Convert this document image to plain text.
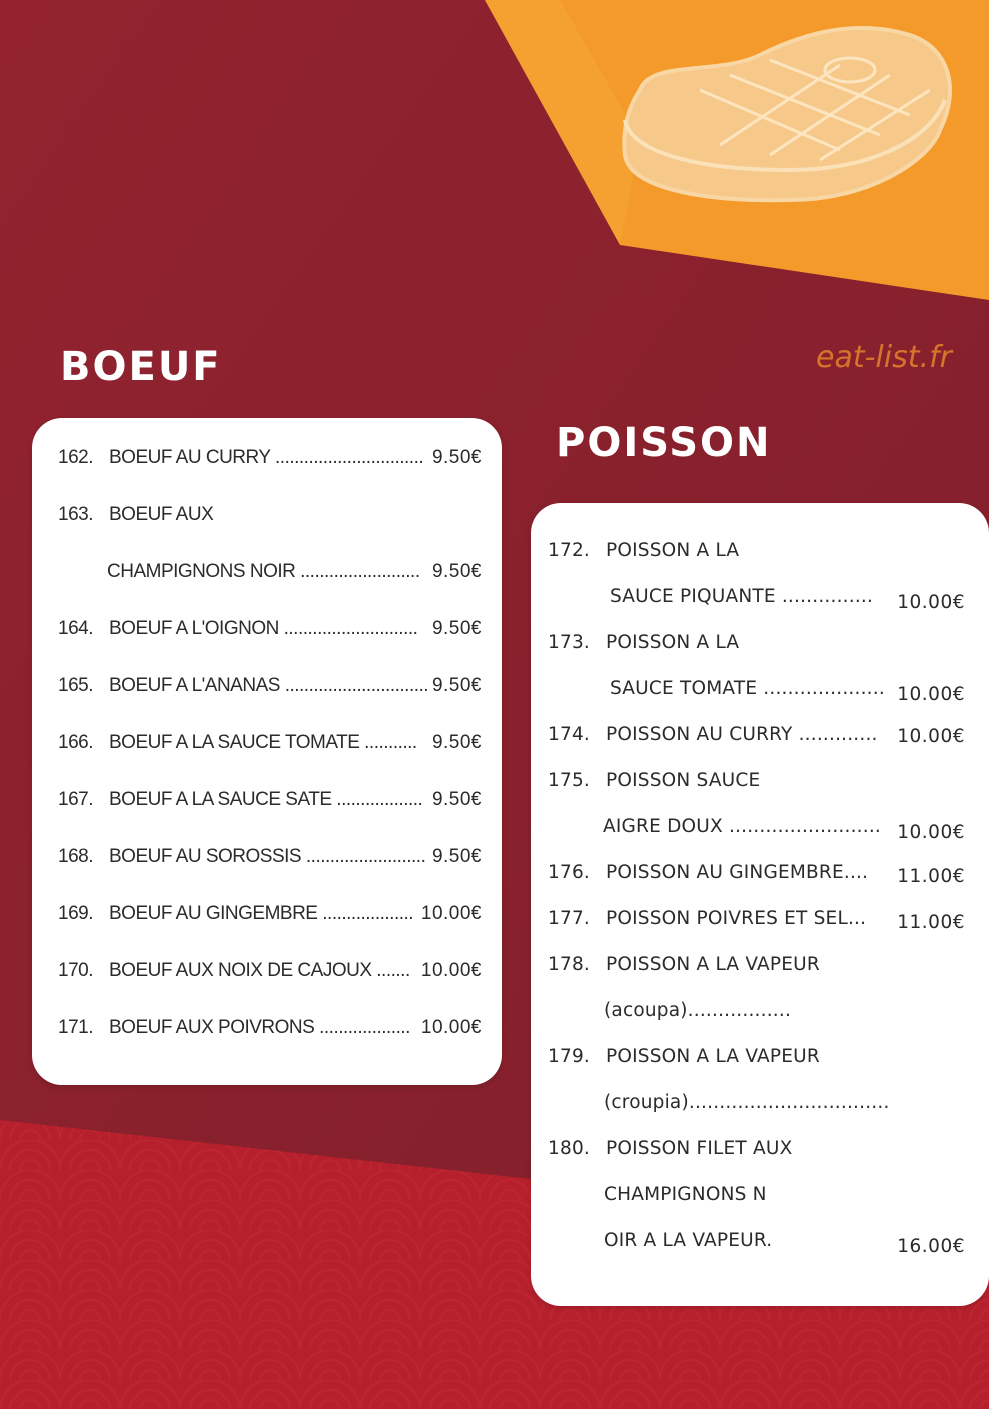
BOEUF	eat-list.fr
162. BOEUF AU CURRY ............................... 9.50€
163. BOEUF AUX
CHAMPIGNONS NOIR ......................... 9.50€
164. BOEUF A L'OIGNON ............................ 9.50€
165. BOEUF A L'ANANAS .............................. 9.50€
166. BOEUF A LA SAUCE TOMATE ........... 9.50€
167. BOEUF A LA SAUCE SATE .................. 9.50€
168. BOEUF AU SOROSSIS ......................... 9.50€
169. BOEUF AU GINGEMBRE ................... 10.00€
170. BOEUF AUX NOIX DE CAJOUX ....... 10.00€
171. BOEUF AUX POIVRONS ................... 10.00€
POISSON
172. POISSON A LA
SAUCE PIQUANTE ............... 10.00€
173. POISSON A LA
SAUCE TOMATE .................... 10.00€
174. POISSON AU CURRY ............. 10.00€
175. POISSON SAUCE
AIGRE DOUX ......................... 10.00€
176. POISSON AU GINGEMBRE.... 11.00€
177. POISSON POIVRES ET SEL... 11.00€
178. POISSON A LA VAPEUR
(acoupa).................
179. POISSON A LA VAPEUR
(croupia).................................
180. POISSON FILET AUX
CHAMPIGNONS N
OIR A LA VAPEUR.	16.00€
